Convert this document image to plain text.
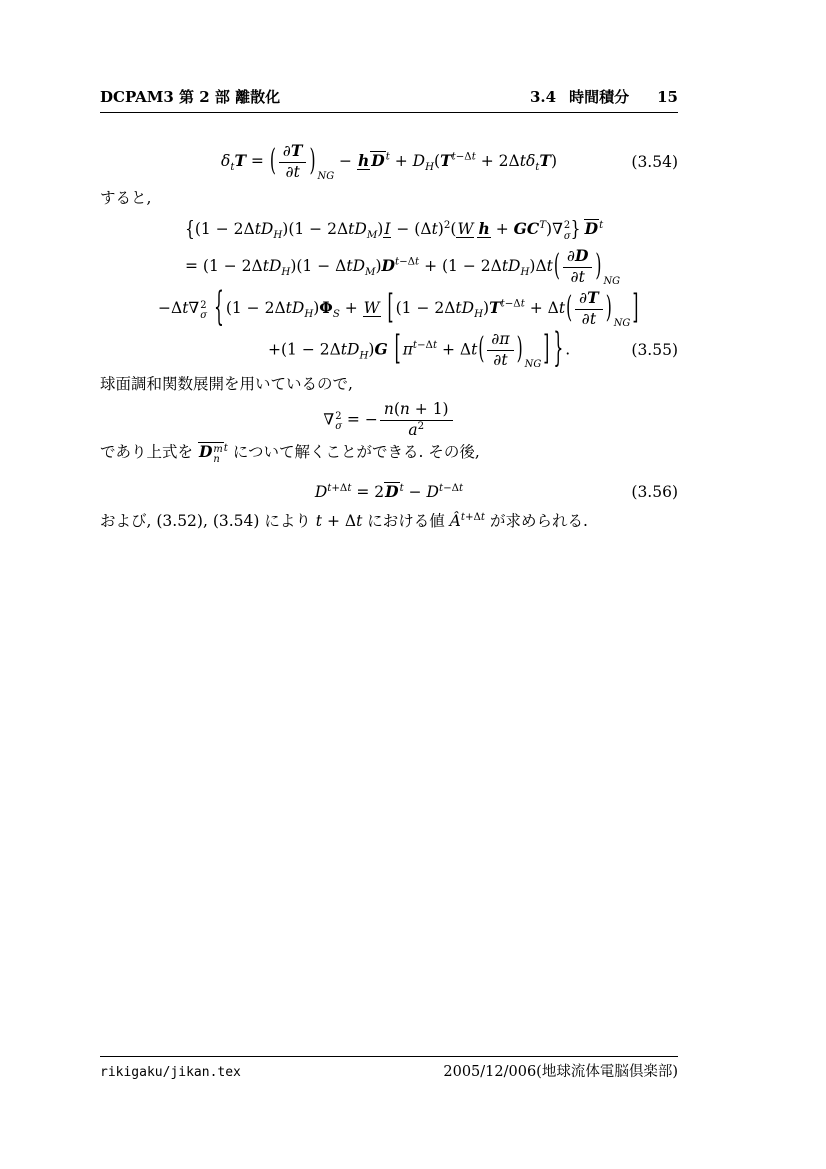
DCPAM3 第 2 部 離散化	3.4 時間積分 15
$\delta_tT$ = ( $\frac{\partial T}{\partial t}$ ) $_{NG}$ − h $D^t + D_H(T^{t-\Delta t} + 2\Delta t\delta_tT)$	(3.54)

すると,

{$(1 - 2\Delta tD_H)(1 - 2\Delta tD_M)I - (\Delta t)^2(W$  $h + GC^T)\nabla$ 2
σ }  $D^t$
= $(1 - 2\Delta tD_H)(1 - \Delta tD_M)D^{t-\Delta t} + (1 - 2\Delta tD_H)\Delta t( \frac{\partial D}{\partial t}$ ) $_{NG}$
−Δt∇ 2
σ { $(1 - 2\Delta tD_H)\Phi_S + W$ [ $(1 - 2\Delta tD_H)T^{t-\Delta t} + \Delta t( \frac{\partial T}{\partial t}$ ) $_{NG}$ ]
+(1 − 2ΔtD$_H$)G [ $\pi^{t-\Delta t} + \Delta t( \frac{\partial\pi}{\partial t}$ ) $_{NG}$ ] } .	(3.55)

球面調和関数展開を用いているので,

∇ 2
σ = − $\frac{n(n + 1)}{a^2}$

であり上式を D m
n
$^t$ について解くことができる. その後,

$D^{t+\Delta t} = 2D^t - D^{t-\Delta t}$	(3.56)

および, (3.52), (3.54) により t + Δt における値 $Â^{t+\Delta t}$ が求められる.

rikigaku/jikan.tex	2005/12/006(地球流体電脳倶楽部)
